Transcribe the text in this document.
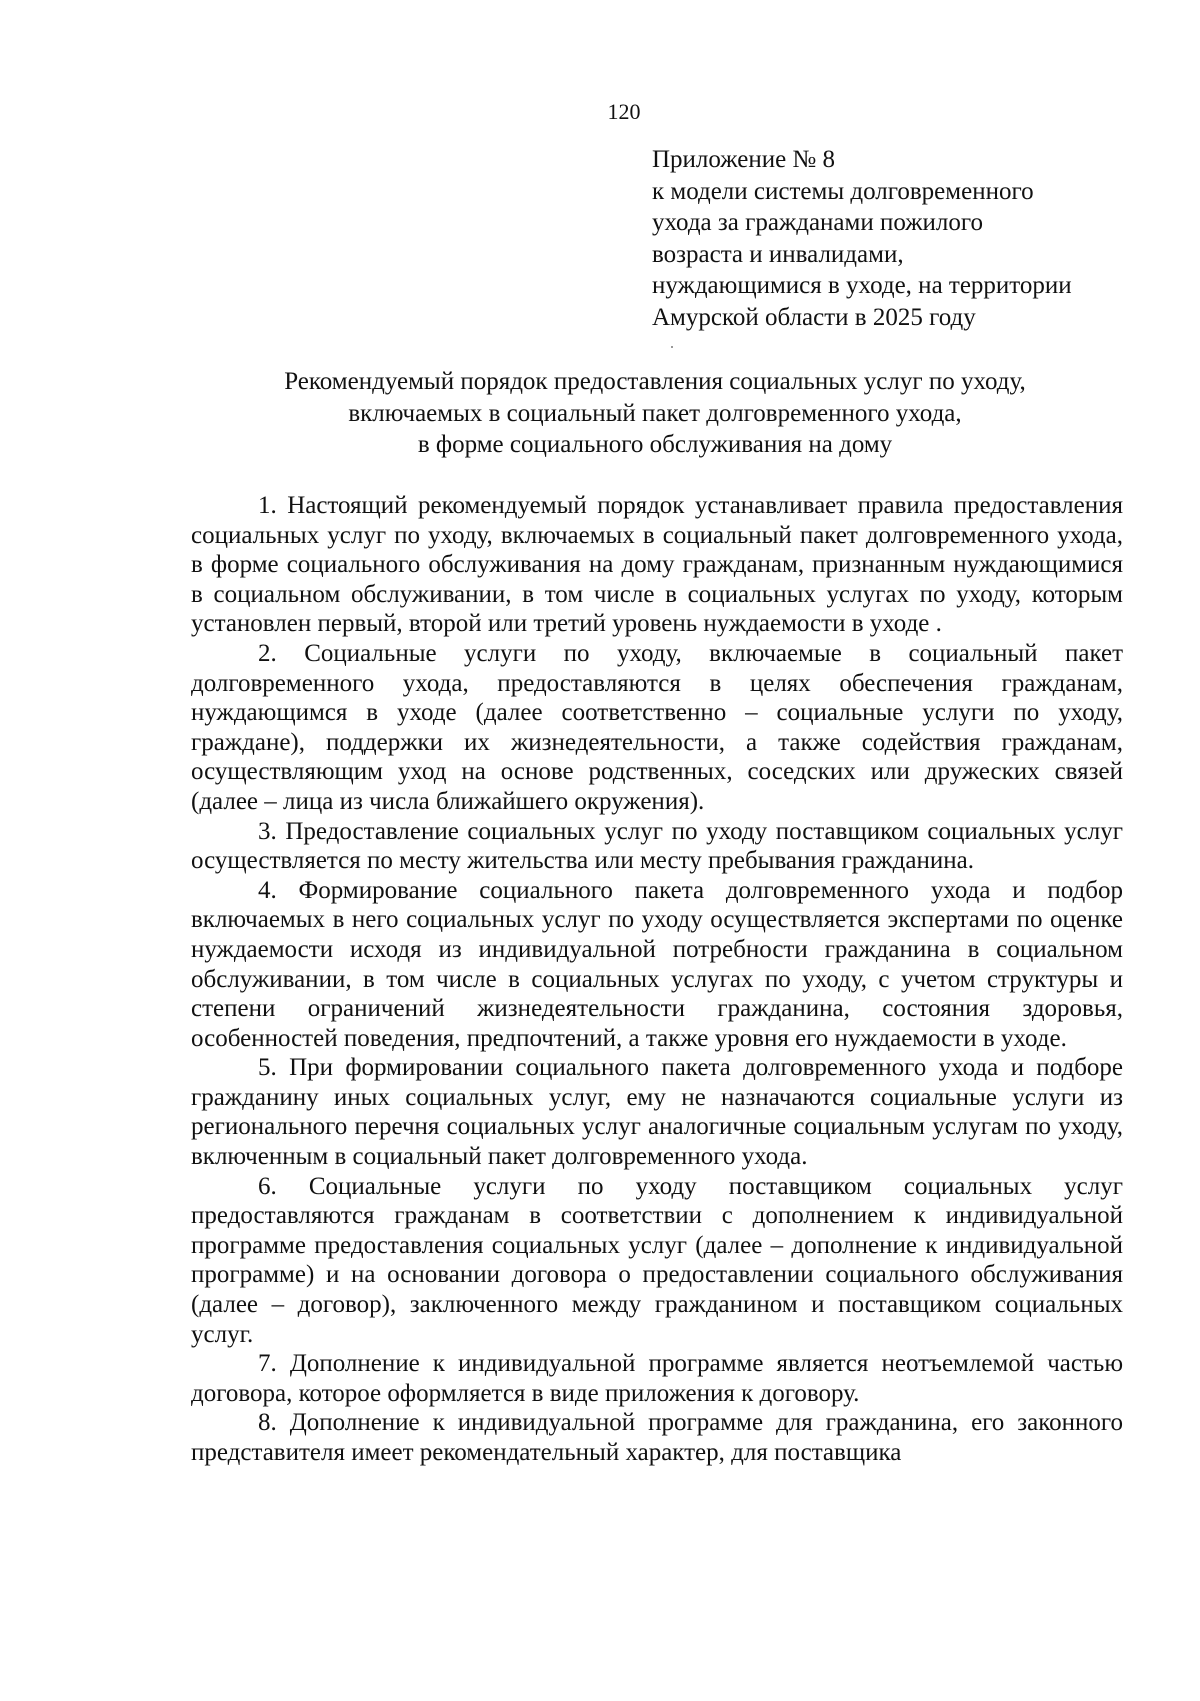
120
Приложение № 8
к модели системы долговременного
ухода за гражданами пожилого
возраста и инвалидами,
нуждающимися в уходе, на территории
Амурской области в 2025 году
Рекомендуемый порядок предоставления социальных услуг по уходу,
включаемых в социальный пакет долговременного ухода,
в форме социального обслуживания на дому

1. Настоящий рекомендуемый порядок устанавливает правила предоставления социальных услуг по уходу, включаемых в социальный пакет долговременного ухода, в форме социального обслуживания на дому гражданам, признанным нуждающимися в социальном обслуживании, в том числе в социальных услугах по уходу, которым установлен первый, второй или третий уровень нуждаемости в уходе .

2. Социальные услуги по уходу, включаемые в социальный пакет долговременного ухода, предоставляются в целях обеспечения гражданам, нуждающимся в уходе (далее соответственно – социальные услуги по уходу, граждане), поддержки их жизнедеятельности, а также содействия гражданам, осуществляющим уход на основе родственных, соседских или дружеских связей (далее – лица из числа ближайшего окружения).

3. Предоставление социальных услуг по уходу поставщиком социальных услуг осуществляется по месту жительства или месту пребывания гражданина.

4. Формирование социального пакета долговременного ухода и подбор включаемых в него социальных услуг по уходу осуществляется экспертами по оценке нуждаемости исходя из индивидуальной потребности гражданина в социальном обслуживании, в том числе в социальных услугах по уходу, с учетом структуры и степени ограничений жизнедеятельности гражданина, состояния здоровья, особенностей поведения, предпочтений, а также уровня его нуждаемости в уходе.

5. При формировании социального пакета долговременного ухода и подборе гражданину иных социальных услуг, ему не назначаются социальные услуги из регионального перечня социальных услуг аналогичные социальным услугам по уходу, включенным в социальный пакет долговременного ухода.

6. Социальные услуги по уходу поставщиком социальных услуг предоставляются гражданам в соответствии с дополнением к индивидуальной программе предоставления социальных услуг (далее – дополнение к индивидуальной программе) и на основании договора о предоставлении социального обслуживания (далее – договор), заключенного между гражданином и поставщиком социальных услуг.

7. Дополнение к индивидуальной программе является неотъемлемой частью договора, которое оформляется в виде приложения к договору.

8. Дополнение к индивидуальной программе для гражданина, его законного представителя имеет рекомендательный характер, для поставщика
